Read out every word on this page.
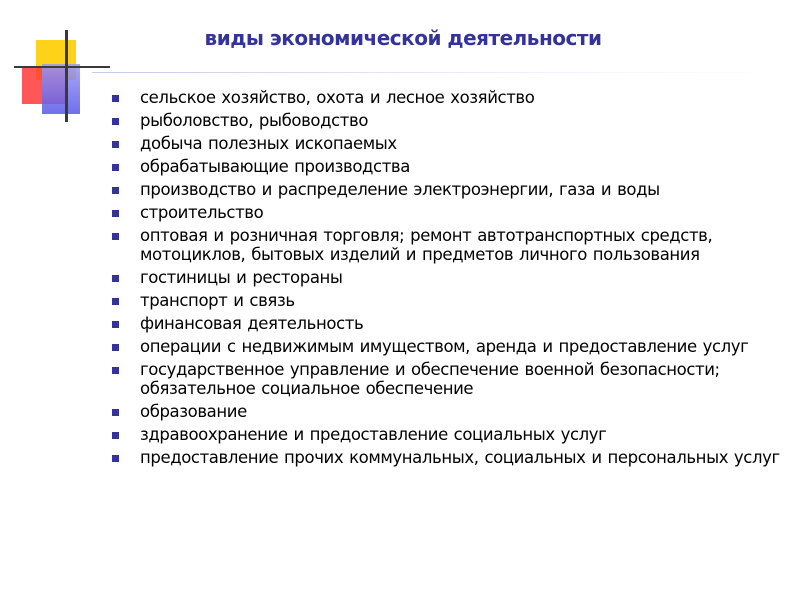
виды экономической деятельности
сельское хозяйство, охота и лесное хозяйство
рыболовство, рыбоводство
добыча полезных ископаемых
обрабатывающие производства
производство и распределение электроэнергии, газа и воды
строительство
оптовая и розничная торговля; ремонт автотранспортных средств, мотоциклов, бытовых изделий и предметов личного пользования
гостиницы и рестораны
транспорт и связь
финансовая деятельность
операции с недвижимым имуществом, аренда и предоставление услуг
государственное управление и обеспечение военной безопасности; обязательное социальное обеспечение
образование
здравоохранение и предоставление социальных услуг
предоставление прочих коммунальных, социальных и персональных услуг
